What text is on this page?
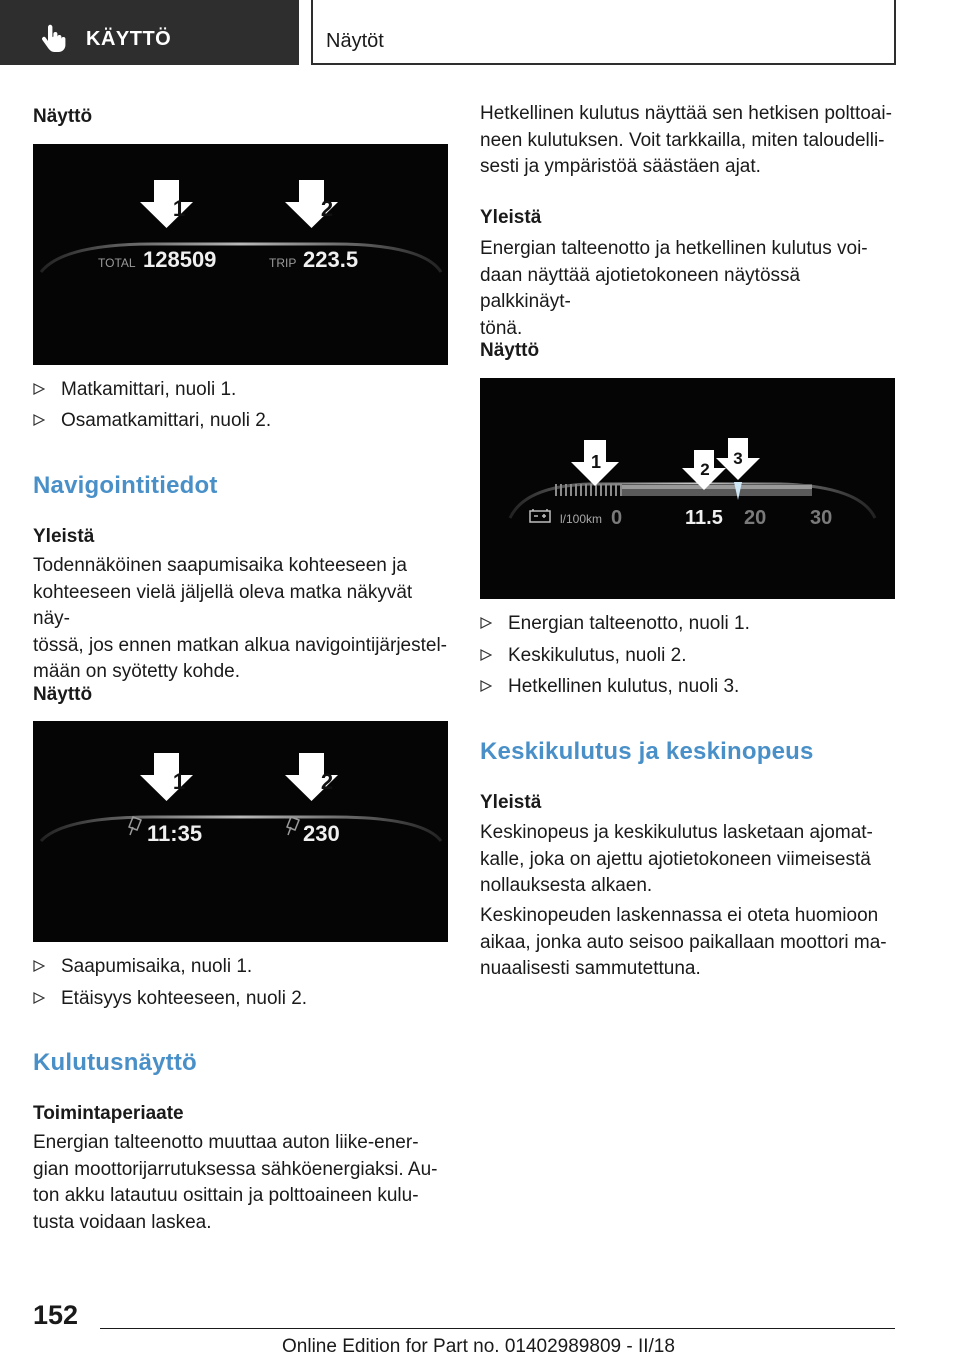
KÄYTTÖ	Näytöt
Näyttö
1	2
TOTAL 128509	TRIP 223.5
Matkamittari, nuoli 1.
Osamatkamittari, nuoli 2.
Navigointitiedot
Yleistä
Todennäköinen saapumisaika kohteeseen ja
kohteeseen vielä jäljellä oleva matka näkyvät näy‐
tössä, jos ennen matkan alkua navigointijärjestel‐
mään on syötetty kohde.
Näyttö
1	2
11:35	230
Saapumisaika, nuoli 1.
Etäisyys kohteeseen, nuoli 2.
Kulutusnäyttö
Toimintaperiaate
Energian talteenotto muuttaa auton liike-ener‐
gian moottorijarrutuksessa sähköenergiaksi. Au‐
ton akku latautuu osittain ja polttoaineen kulu‐
tusta voidaan laskea.
Hetkellinen kulutus näyttää sen hetkisen polttoai‐
neen kulutuksen. Voit tarkkailla, miten taloudelli‐
sesti ja ympäristöä säästäen ajat.
Yleistä
Energian talteenotto ja hetkellinen kulutus voi‐
daan näyttää ajotietokoneen näytössä palkkinäyt‐
tönä.
Näyttö
1	2
3
l/100km 0	11.5 20 30
Energian talteenotto, nuoli 1.
Keskikulutus, nuoli 2.
Hetkellinen kulutus, nuoli 3.
Keskikulutus ja keskinopeus
Yleistä
Keskinopeus ja keskikulutus lasketaan ajomat‐
kalle, joka on ajettu ajotietokoneen viimeisestä
nollauksesta alkaen.
Keskinopeuden laskennassa ei oteta huomioon
aikaa, jonka auto seisoo paikallaan moottori ma‐
nuaalisesti sammutettuna.
152
Online Edition for Part no. 01402989809 - II/18
